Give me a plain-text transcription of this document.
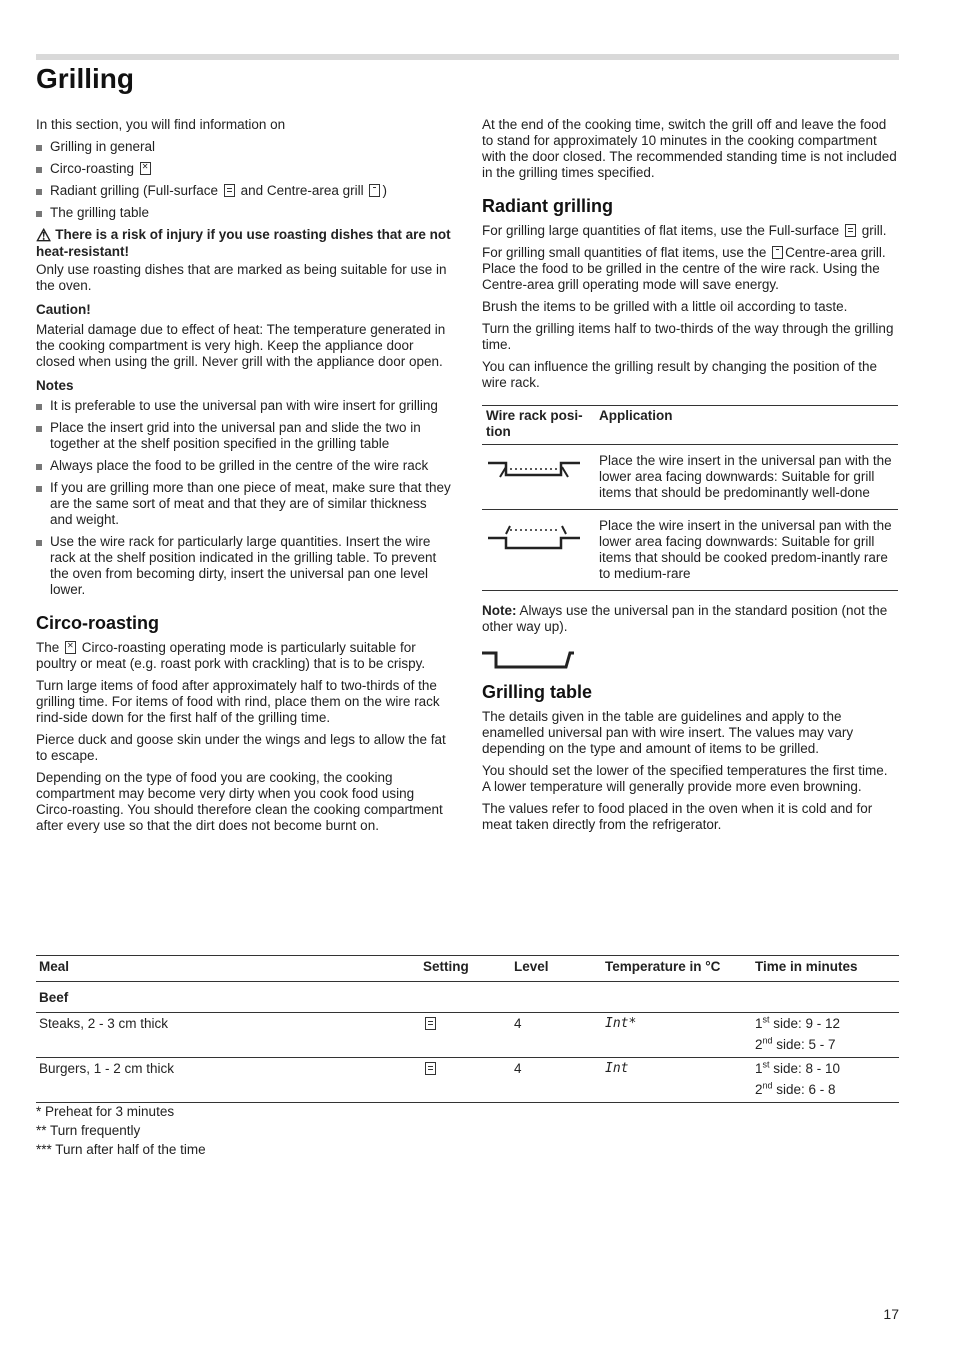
Grilling

In this section, you will find information on

Grilling in general
Circo-roasting ✕
Radiant grilling (Full-surface and Centre-area grill )
The grilling table
⚠ There is a risk of injury if you use roasting dishes that are not heat-resistant!

Only use roasting dishes that are marked as being suitable for use in the oven.

Caution!

Material damage due to effect of heat: The temperature generated in the cooking compartment is very high. Keep the appliance door closed when using the grill. Never grill with the appliance door open.

Notes
It is preferable to use the universal pan with wire insert for grilling
Place the insert grid into the universal pan and slide the two in together at the shelf position specified in the grilling table
Always place the food to be grilled in the centre of the wire rack
If you are grilling more than one piece of meat, make sure that they are the same sort of meat and that they are of similar thickness and weight.
Use the wire rack for particularly large quantities. Insert the wire rack at the shelf position indicated in the grilling table. To prevent the oven from becoming dirty, insert the universal pan one level lower.
Circo-roasting

The ✕ Circo-roasting operating mode is particularly suitable for poultry or meat (e.g. roast pork with crackling) that is to be crispy.

Turn large items of food after approximately half to two-thirds of the grilling time. For items of food with rind, place them on the wire rack rind-side down for the first half of the grilling time.

Pierce duck and goose skin under the wings and legs to allow the fat to escape.

Depending on the type of food you are cooking, the cooking compartment may become very dirty when you cook food using Circo-roasting. You should therefore clean the cooking compartment after every use so that the dirt does not become burnt on.

At the end of the cooking time, switch the grill off and leave the food to stand for approximately 10 minutes in the cooking compartment with the door closed. The recommended standing time is not included in the grilling times specified.

Radiant grilling

For grilling large quantities of flat items, use the Full-surface grill.

For grilling small quantities of flat items, use the Centre-area grill. Place the food to be grilled in the centre of the wire rack. Using the Centre-area grill operating mode will save energy.

Brush the items to be grilled with a little oil according to taste.

Turn the grilling items half to two-thirds of the way through the grilling time.

You can influence the grilling result by changing the position of the wire rack.

Wire rack posi-tion	Application

	Place the wire insert in the universal pan with the lower area facing downwards: Suitable for grill items that should be predominantly well-done

	Place the wire insert in the universal pan with the lower area facing downwards: Suitable for grill items that should be cooked predom-inantly rare to medium-rare

Note: Always use the universal pan in the standard position (not the other way up).

Grilling table

The details given in the table are guidelines and apply to the enamelled universal pan with wire insert. The values may vary depending on the type and amount of items to be grilled.

You should set the lower of the specified temperatures the first time. A lower temperature will generally provide more even browning.

The values refer to food placed in the oven when it is cold and for meat taken directly from the refrigerator.

Meal	Setting	Level	Temperature in °C	Time in minutes
Beef				
Steaks, 2 - 3 cm thick		4	Int*	1st side: 9 - 12
2nd side: 5 - 7

Burgers, 1 - 2 cm thick		4	Int	1st side: 8 - 10
2nd side: 6 - 8
* Preheat for 3 minutes
** Turn frequently
*** Turn after half of the time
17
